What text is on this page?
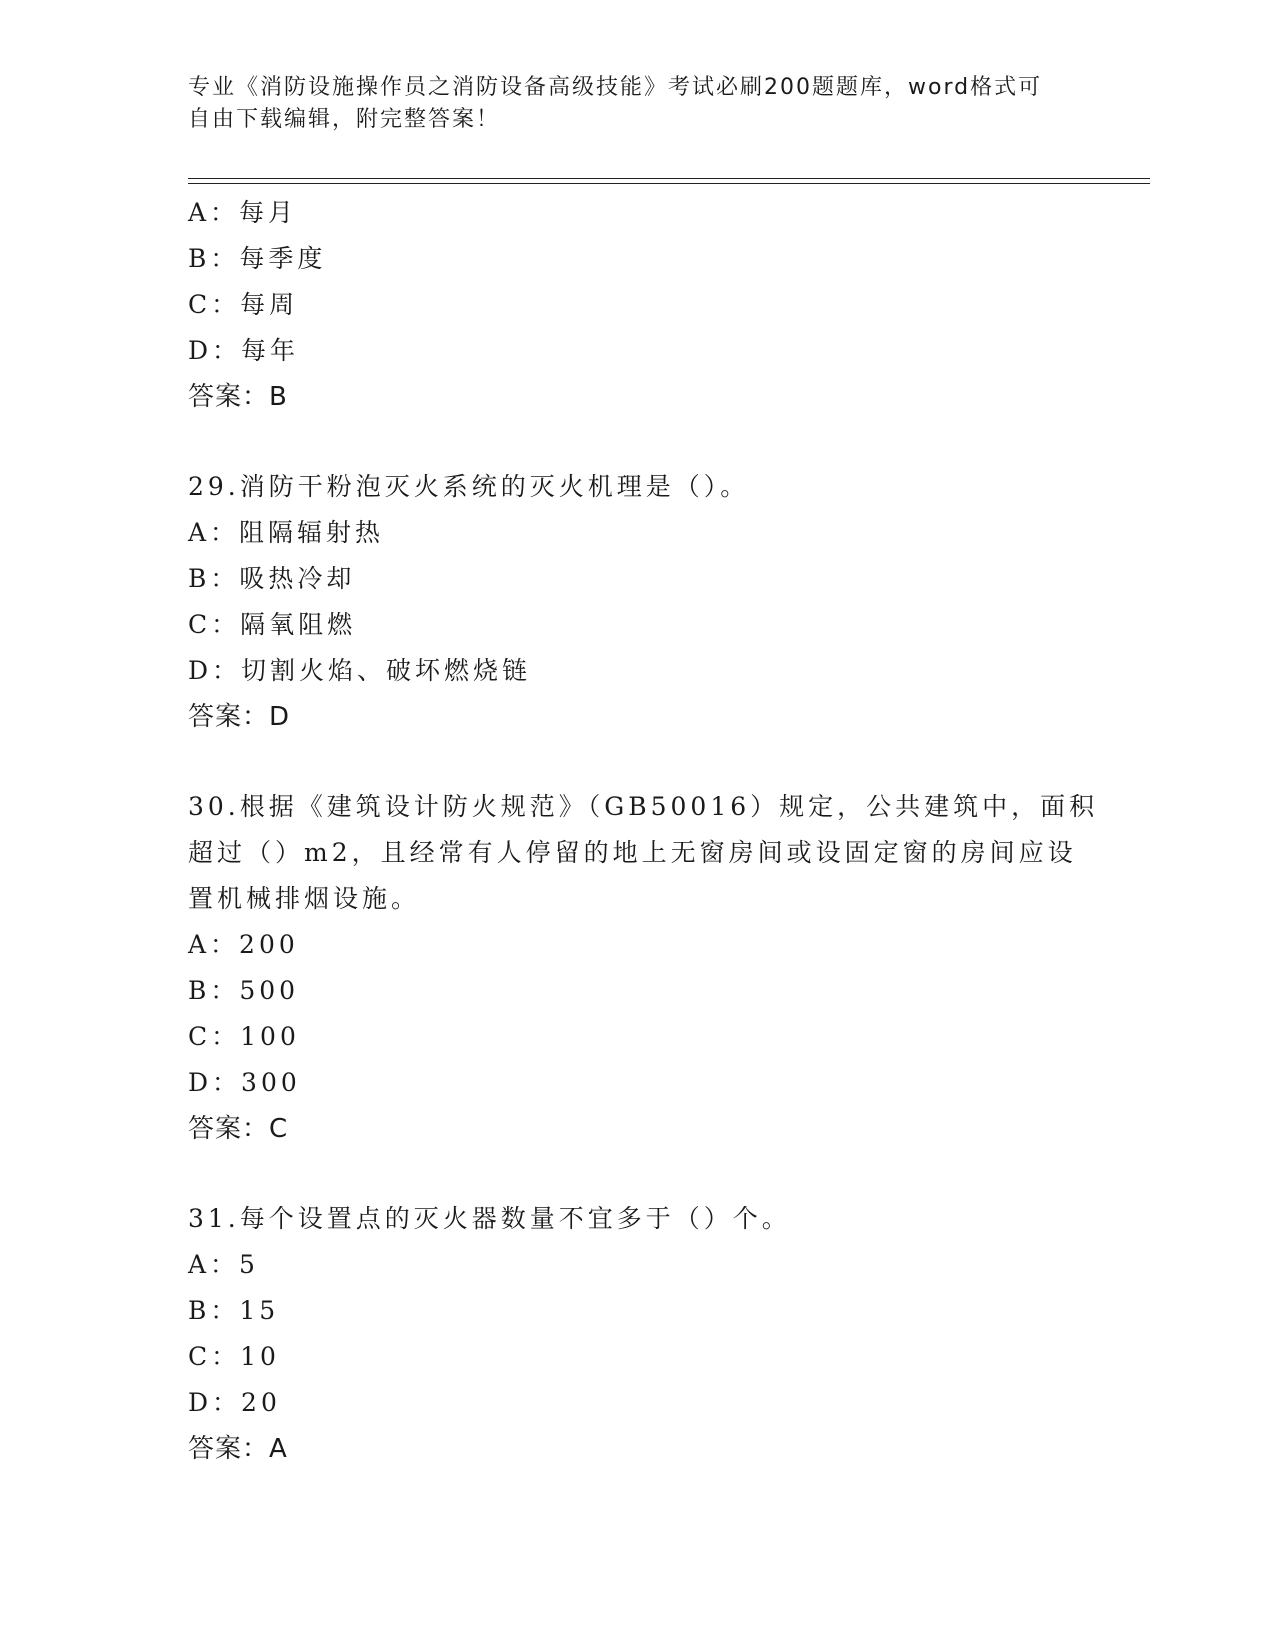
专业《消防设施操作员之消防设备高级技能》考试必刷200题题库，word格式可
自由下载编辑，附完整答案！
A：每月
B：每季度
C：每周
D：每年
答案：B
29.消防干粉泡灭火系统的灭火机理是（）。
A：阻隔辐射热
B：吸热冷却
C：隔氧阻燃
D：切割火焰、破坏燃烧链
答案：D
30.根据《建筑设计防火规范》（GB50016）规定，公共建筑中，面积
超过（）m2，且经常有人停留的地上无窗房间或设固定窗的房间应设
置机械排烟设施。
A：200
B：500
C：100
D：300
答案：C
31.每个设置点的灭火器数量不宜多于（）个。
A：5
B：15
C：10
D：20
答案：A
